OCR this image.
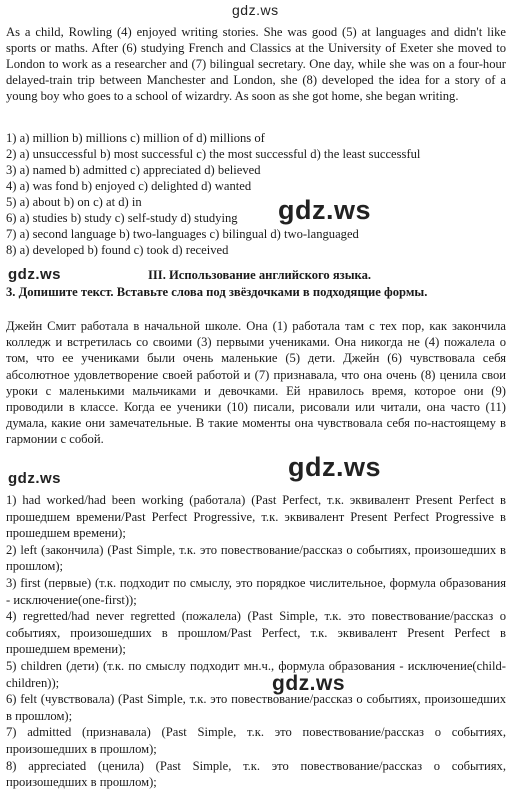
gdz.ws

As a child, Rowling (4) enjoyed writing stories. She was good (5) at languages and didn't like sports or maths. After (6) studying French and Classics at the University of Exeter she moved to London to work as a researcher and (7) bilingual secretary. One day, while she was on a four-hour delayed-train trip between Manchester and London, she (8) developed the idea for a story of a young boy who goes to a school of wizardry. As soon as she got home, she began writing.

1) a) million b) millions c) million of d) millions of
2) a) unsuccessful b) most successful c) the most successful d) the least successful
3) a) named b) admitted c) appreciated d) believed
4) a) was fond b) enjoyed c) delighted d) wanted
5) a) about b) on c) at d) in
6) a) studies b) study c) self-study d) studying
7) a) second language b) two-languages c) bilingual d) two-languaged
8) a) developed b) found c) took d) received
gdz.ws
gdz.ws	III. Использование английского языка.
3. Допишите текст. Вставьте слова под звёздочками в подходящие формы.
Джейн Смит работала в начальной школе. Она (1) работала там с тех пор, как закончила колледж и встретилась со своими (3) первыми учениками. Она никогда не (4) пожалела о том, что ее учениками были очень маленькие (5) дети. Джейн (6) чувствовала себя абсолютное удовлетворение своей работой и (7) признавала, что она очень (8) ценила свои уроки с маленькими мальчиками и девочками. Ей нравилось время, которое они (9) проводили в классе. Когда ее ученики (10) писали, рисовали или читали, она часто (11) думала, какие они замечательные. В такие моменты она чувствовала себя по-настоящему в гармонии с собой.
gdz.ws
gdz.ws
1) had worked/had been working (работала) (Past Perfect, т.к. эквивалент Present Perfect в прошедшем времени/Past Perfect Progressive, т.к. эквивалент Present Perfect Progressive в прошедшем времени);
2) left (закончила) (Past Simple, т.к. это повествование/рассказ о событиях, произошедших в прошлом);
3) first (первые) (т.к. подходит по смыслу, это порядкое числительное, формула образования - исключение(one-first));
4) regretted/had never regretted (пожалела) (Past Simple, т.к. это повествование/рассказ о событиях, произошедших в прошлом/Past Perfect, т.к. эквивалент Present Perfect в прошедшем времени);
5) children (дети) (т.к. по смыслу подходит мн.ч., формула образования - исключение(child-children));
6) felt (чувствовала) (Past Simple, т.к. это повествование/рассказ о событиях, произошедших в прошлом);
7) admitted (признавала) (Past Simple, т.к. это повествование/рассказ о событиях, произошедших в прошлом);
8) appreciated (ценила) (Past Simple, т.к. это повествование/рассказ о событиях, произошедших в прошлом);
gdz.ws
